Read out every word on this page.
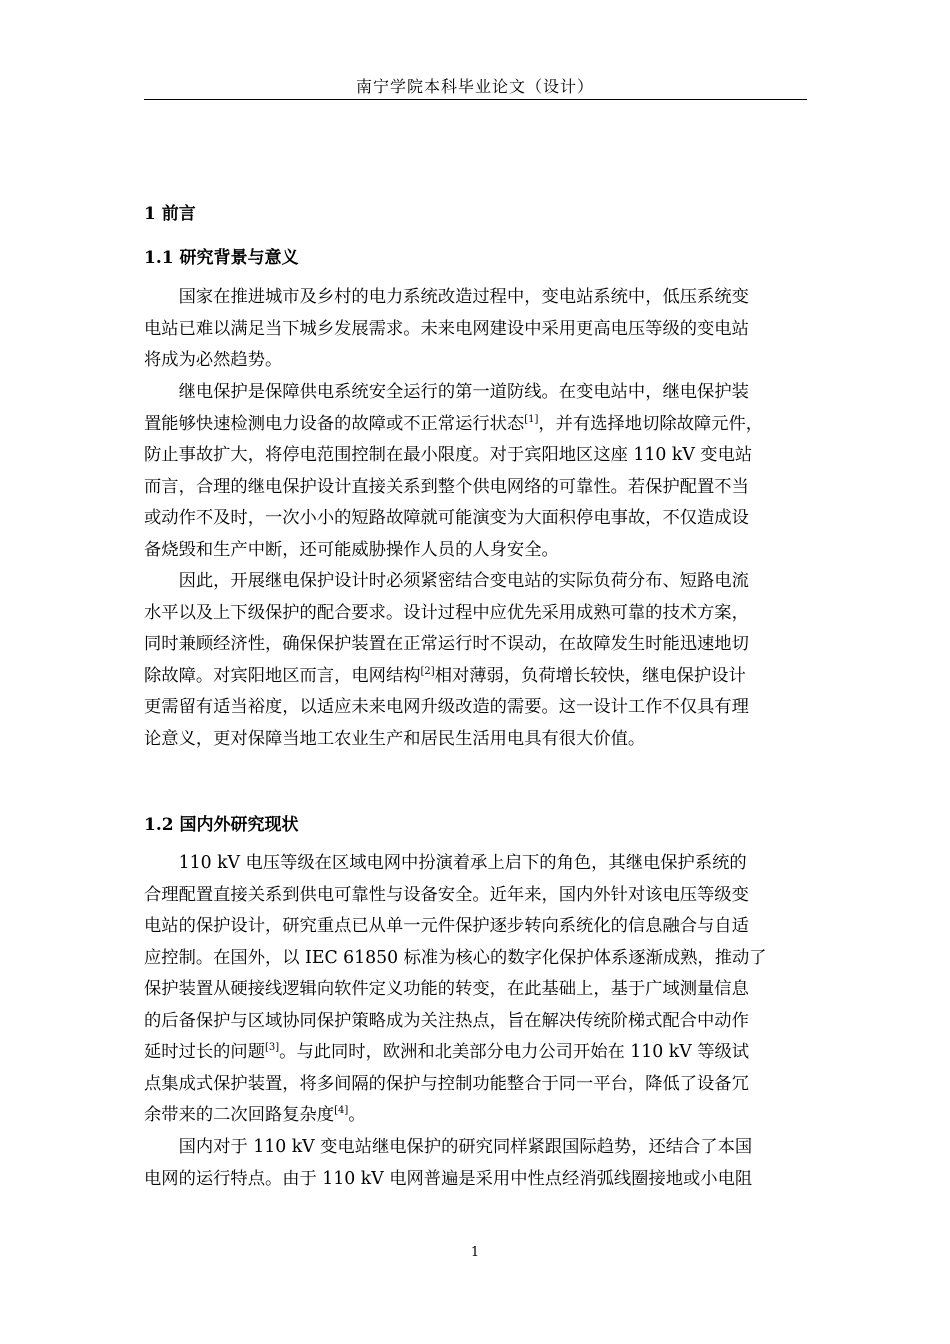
南宁学院本科毕业论文（设计）
1 前言
1.1 研究背景与意义
国家在推进城市及乡村的电力系统改造过程中，变电站系统中，低压系统变
电站已难以满足当下城乡发展需求。未来电网建设中采用更高电压等级的变电站
将成为必然趋势。
继电保护是保障供电系统安全运行的第一道防线。在变电站中，继电保护装
置能够快速检测电力设备的故障或不正常运行状态[1]，并有选择地切除故障元件，
防止事故扩大，将停电范围控制在最小限度。对于宾阳地区这座 110 kV 变电站
而言，合理的继电保护设计直接关系到整个供电网络的可靠性。若保护配置不当
或动作不及时，一次小小的短路故障就可能演变为大面积停电事故，不仅造成设
备烧毁和生产中断，还可能威胁操作人员的人身安全。
因此，开展继电保护设计时必须紧密结合变电站的实际负荷分布、短路电流
水平以及上下级保护的配合要求。设计过程中应优先采用成熟可靠的技术方案，
同时兼顾经济性，确保保护装置在正常运行时不误动，在故障发生时能迅速地切
除故障。对宾阳地区而言，电网结构[2]相对薄弱，负荷增长较快，继电保护设计
更需留有适当裕度，以适应未来电网升级改造的需要。这一设计工作不仅具有理
论意义，更对保障当地工农业生产和居民生活用电具有很大价值。
1.2 国内外研究现状
110 kV 电压等级在区域电网中扮演着承上启下的角色，其继电保护系统的
合理配置直接关系到供电可靠性与设备安全。近年来，国内外针对该电压等级变
电站的保护设计，研究重点已从单一元件保护逐步转向系统化的信息融合与自适
应控制。在国外，以 IEC 61850 标准为核心的数字化保护体系逐渐成熟，推动了
保护装置从硬接线逻辑向软件定义功能的转变，在此基础上，基于广域测量信息
的后备保护与区域协同保护策略成为关注热点，旨在解决传统阶梯式配合中动作
延时过长的问题[3]。与此同时，欧洲和北美部分电力公司开始在 110 kV 等级试
点集成式保护装置，将多间隔的保护与控制功能整合于同一平台，降低了设备冗
余带来的二次回路复杂度[4]。
国内对于 110 kV 变电站继电保护的研究同样紧跟国际趋势，还结合了本国
电网的运行特点。由于 110 kV 电网普遍是采用中性点经消弧线圈接地或小电阻
1
